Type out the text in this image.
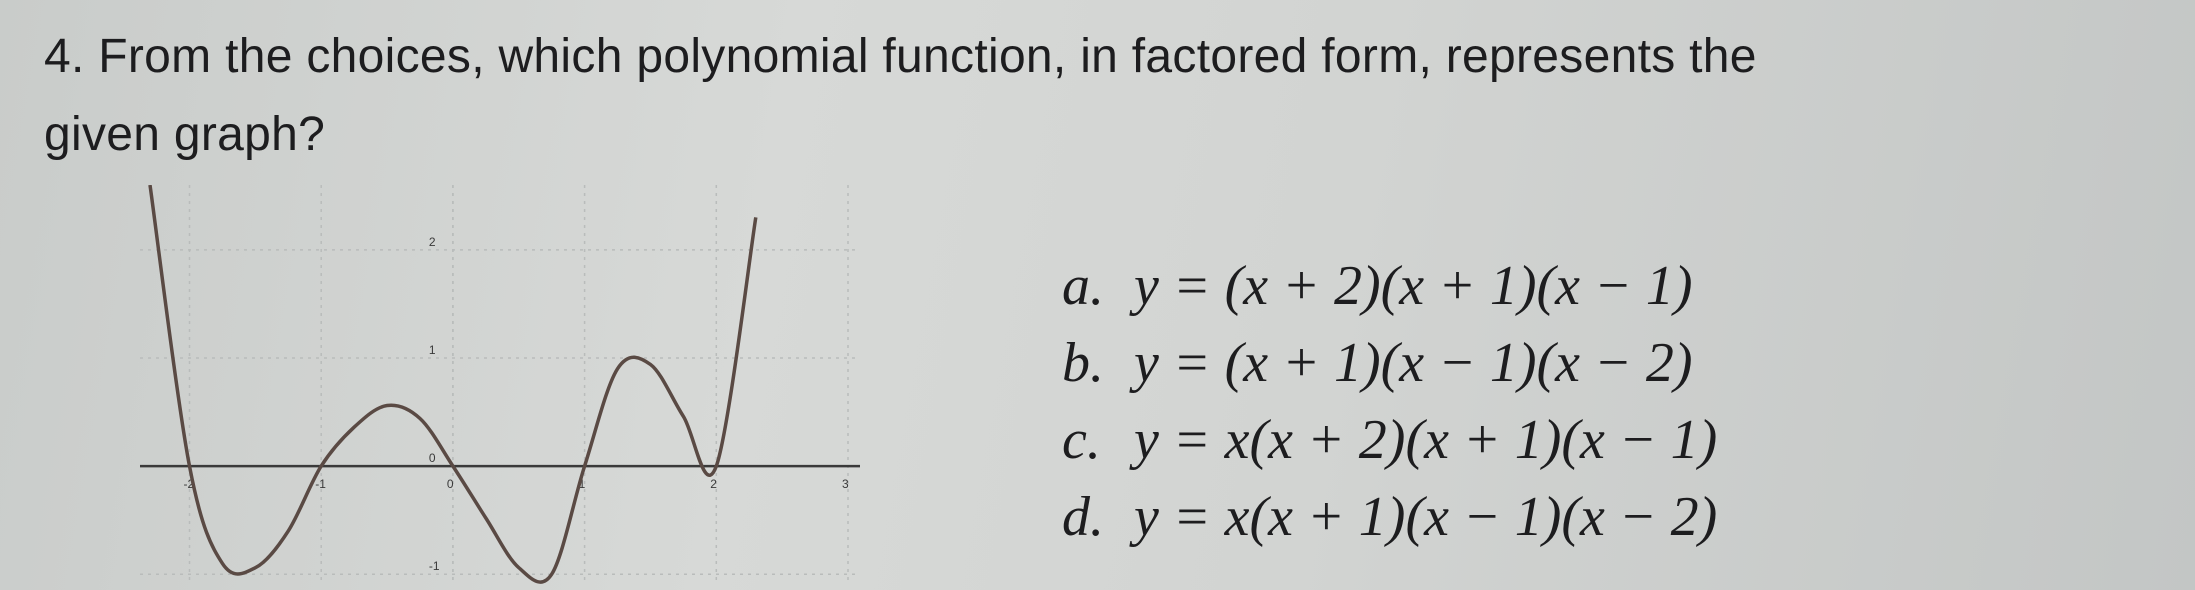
4. From the choices, which polynomial function, in factored form, represents the
given graph?
-2	-1	0	1	2	3
2
1
0
-1
a. y = (x + 2)(x + 1)(x − 1)
b. y = (x + 1)(x − 1)(x − 2)
c. y = x(x + 2)(x + 1)(x − 1)
d. y = x(x + 1)(x − 1)(x − 2)
